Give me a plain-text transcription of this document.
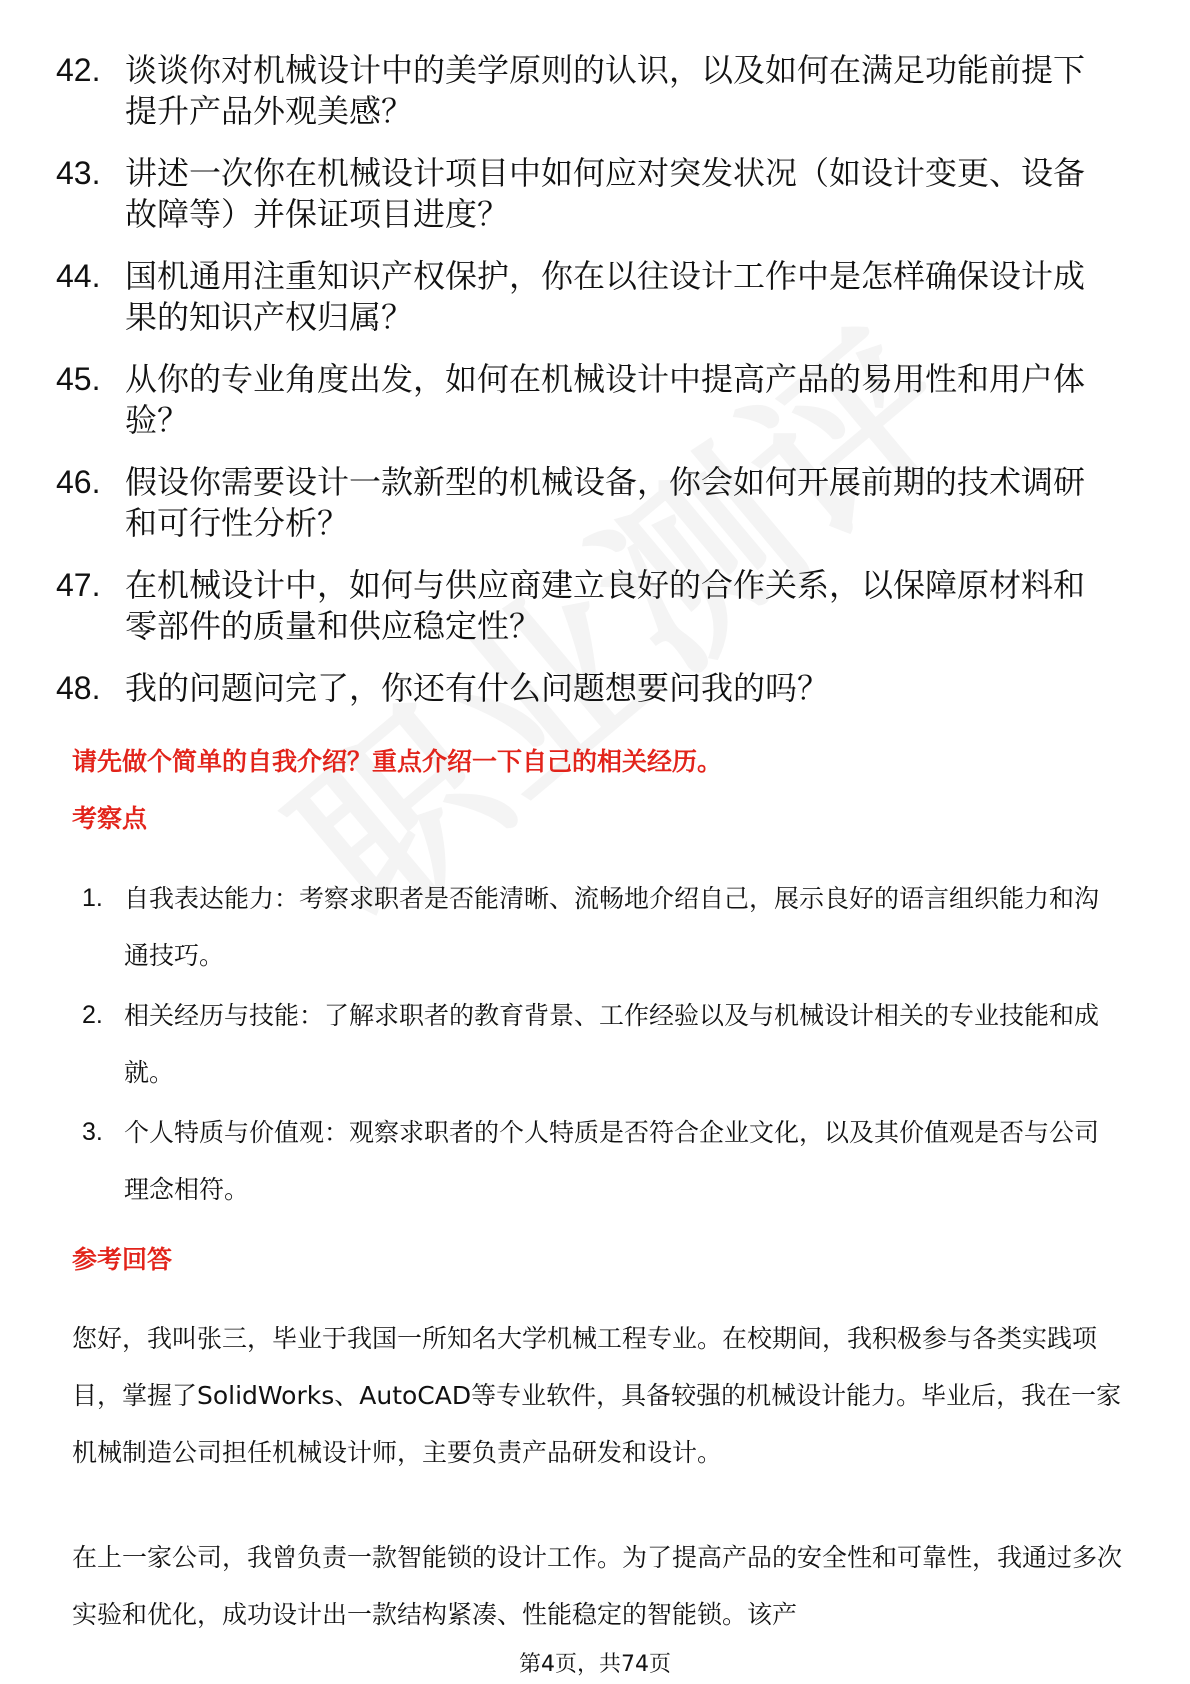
42. 谈谈你对机械设计中的美学原则的认识，以及如何在满足功能前提下提升产品外观美感？
43. 讲述一次你在机械设计项目中如何应对突发状况（如设计变更、设备故障等）并保证项目进度？
44. 国机通用注重知识产权保护，你在以往设计工作中是怎样确保设计成果的知识产权归属？
45. 从你的专业角度出发，如何在机械设计中提高产品的易用性和用户体验？
46. 假设你需要设计一款新型的机械设备，你会如何开展前期的技术调研和可行性分析？
47. 在机械设计中，如何与供应商建立良好的合作关系，以保障原材料和零部件的质量和供应稳定性？
48. 我的问题问完了，你还有什么问题想要问我的吗？
请先做个简单的自我介绍？重点介绍一下自己的相关经历。
考察点
1. 自我表达能力：考察求职者是否能清晰、流畅地介绍自己，展示良好的语言组织能力和沟通技巧。
2. 相关经历与技能：了解求职者的教育背景、工作经验以及与机械设计相关的专业技能和成就。
3. 个人特质与价值观：观察求职者的个人特质是否符合企业文化，以及其价值观是否与公司理念相符。
参考回答
您好，我叫张三，毕业于我国一所知名大学机械工程专业。在校期间，我积极参与各类实践项目，掌握了SolidWorks、AutoCAD等专业软件，具备较强的机械设计能力。毕业后，我在一家机械制造公司担任机械设计师，主要负责产品研发和设计。
在上一家公司，我曾负责一款智能锁的设计工作。为了提高产品的安全性和可靠性，我通过多次实验和优化，成功设计出一款结构紧凑、性能稳定的智能锁。该产
第4页，共74页
